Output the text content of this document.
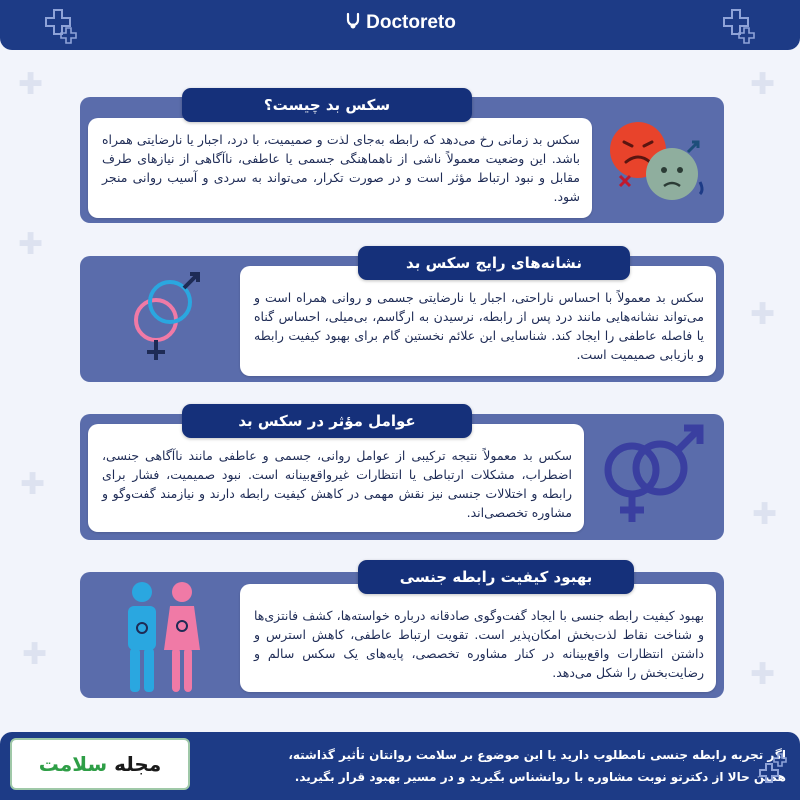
✚	✚
✚
✚
✚
✚
✚
✚
Doctoreto
سکس بد زمانی رخ می‌دهد که رابطه به‌جای لذت و صمیمیت، با درد، اجبار یا نارضایتی همراه باشد. این وضعیت معمولاً ناشی از ناهماهنگی جسمی یا عاطفی، ناآگاهی از نیازهای طرف مقابل و نبود ارتباط مؤثر است و در صورت تکرار، می‌تواند به سردی و آسیب روانی منجر شود.
سکس بد چیست؟
سکس بد معمولاً با احساس ناراحتی، اجبار یا نارضایتی جسمی و روانی همراه است و می‌تواند نشانه‌هایی مانند درد پس از رابطه، نرسیدن به ارگاسم، بی‌میلی، احساس گناه یا فاصله عاطفی را ایجاد کند. شناسایی این علائم نخستین گام برای بهبود کیفیت رابطه و بازیابی صمیمیت است.
نشانه‌های رایج سکس بد
سکس بد معمولاً نتیجه ترکیبی از عوامل روانی، جسمی و عاطفی مانند ناآگاهی جنسی، اضطراب، مشکلات ارتباطی یا انتظارات غیرواقع‌بینانه است. نبود صمیمیت، فشار برای رابطه و اختلالات جنسی نیز نقش مهمی در کاهش کیفیت رابطه دارند و نیازمند گفت‌وگو و مشاوره تخصصی‌اند.
عوامل مؤثر در سکس بد
بهبود کیفیت رابطه جنسی با ایجاد گفت‌وگوی صادقانه درباره خواسته‌ها، کشف فانتزی‌ها و شناخت نقاط لذت‌بخش امکان‌پذیر است. تقویت ارتباط عاطفی، کاهش استرس و داشتن انتظارات واقع‌بینانه در کنار مشاوره تخصصی، پایه‌های یک سکس سالم و رضایت‌بخش را شکل می‌دهد.
بهبود کیفیت رابطه جنسی
اگر تجربه رابطه جنسی نامطلوب دارید یا این موضوع بر سلامت روانتان تأثیر گذاشته،
همین حالا از دکترتو نوبت مشاوره با روانشناس بگیرید و در مسیر بهبود قرار بگیرید.
مجله سلامت
